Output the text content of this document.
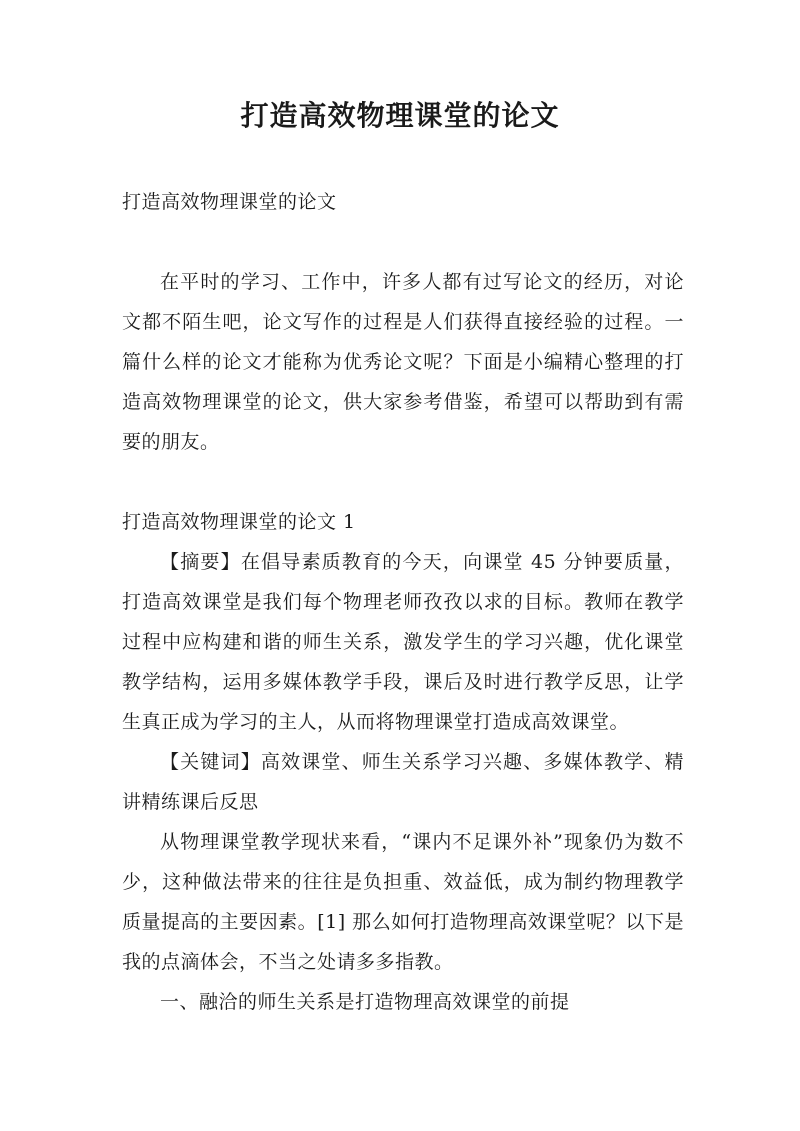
打造高效物理课堂的论文

打造高效物理课堂的论文

在平时的学习、工作中，许多人都有过写论文的经历，对论文都不陌生吧，论文写作的过程是人们获得直接经验的过程。一篇什么样的论文才能称为优秀论文呢？下面是小编精心整理的打造高效物理课堂的论文，供大家参考借鉴，希望可以帮助到有需要的朋友。

打造高效物理课堂的论文 1

【摘要】在倡导素质教育的今天，向课堂 45 分钟要质量，打造高效课堂是我们每个物理老师孜孜以求的目标。教师在教学过程中应构建和谐的师生关系，激发学生的学习兴趣，优化课堂教学结构，运用多媒体教学手段，课后及时进行教学反思，让学生真正成为学习的主人，从而将物理课堂打造成高效课堂。

【关键词】高效课堂、师生关系学习兴趣、多媒体教学、精讲精练课后反思

从物理课堂教学现状来看，“课内不足课外补”现象仍为数不少，这种做法带来的往往是负担重、效益低，成为制约物理教学质量提高的主要因素。[1] 那么如何打造物理高效课堂呢？以下是我的点滴体会，不当之处请多多指教。

一、融洽的师生关系是打造物理高效课堂的前提
